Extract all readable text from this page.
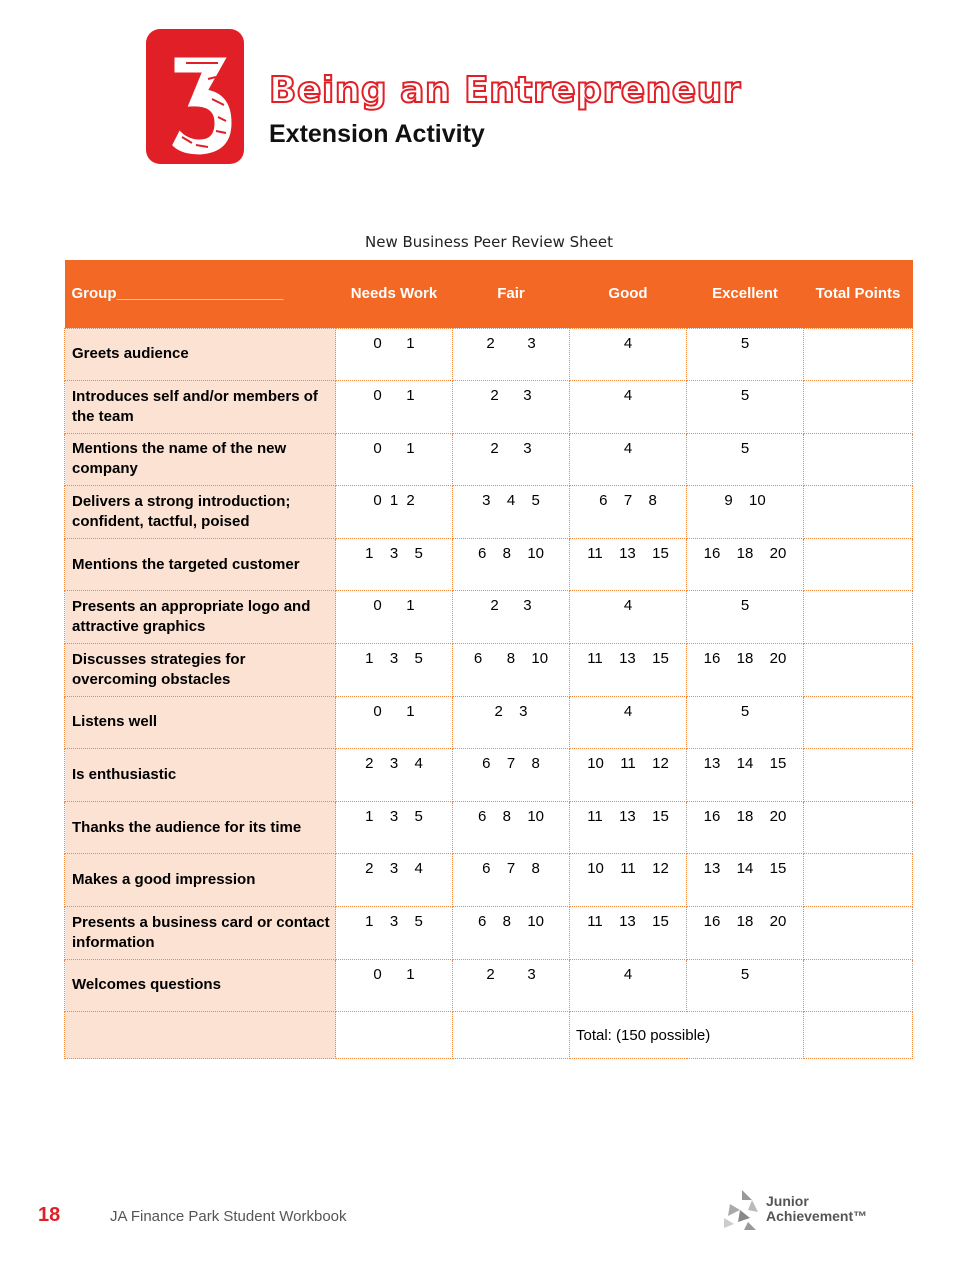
Being an Entrepreneur
Extension Activity
New Business Peer Review Sheet
Group____________________	Needs Work	Fair	Good	Excellent	Total Points
Greets audience	0   1	2    3	4	5	
Introduces self and/or members of the team	0   1	2   3	4	5	
Mentions the name of the new company	0   1	2   3	4	5	
Delivers a strong introduction; confident, tactful, poised	0 1 2	3  4  5	6  7  8	9  10	
Mentions the targeted customer	1  3  5	6  8  10	11  13  15	16  18  20	
Presents an appropriate logo and attractive graphics	0   1	2   3	4	5	
Discusses strategies for overcoming obstacles	1  3  5	6   8  10	11  13  15	16  18  20	
Listens well	0   1	2  3	4	5	
Is enthusiastic	2  3  4	6  7  8	10  11  12	13  14  15	
Thanks the audience for its time	1  3  5	6  8  10	11  13  15	16  18  20	
Makes a good impression	2  3  4	6  7  8	10  11  12	13  14  15	
Presents a business card or contact information	1  3  5	6  8  10	11  13  15	16  18  20	
Welcomes questions	0   1	2    3	4	5	
			Total: (150 possible)		
18	JA Finance Park Student Workbook
Junior
Achievement™
